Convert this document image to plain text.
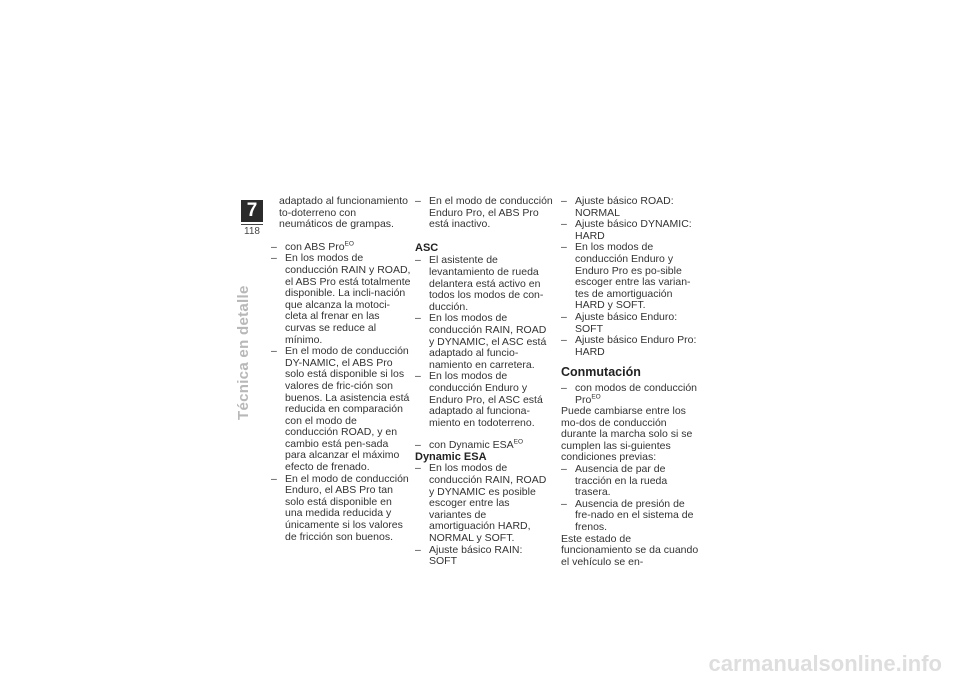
7
118
Técnica en detalle

adaptado al funcionamiento to-doterreno con neumáticos de grampas.

– con ABS Pro$^{EO}$

– En los modos de conducción RAIN y ROAD, el ABS Pro está totalmente disponible. La incli-nación que alcanza la motoci-cleta al frenar en las curvas se reduce al mínimo.

– En el modo de conducción DY-NAMIC, el ABS Pro solo está disponible si los valores de fric-ción son buenos. La asistencia está reducida en comparación con el modo de conducción ROAD, y en cambio está pen-sada para alcanzar el máximo efecto de frenado.

– En el modo de conducción Enduro, el ABS Pro tan solo está disponible en una medida reducida y únicamente si los valores de fricción son buenos.

– En el modo de conducción Enduro Pro, el ABS Pro está inactivo.

ASC

– El asistente de levantamiento de rueda delantera está activo en todos los modos de con-ducción.

– En los modos de conducción RAIN, ROAD y DYNAMIC, el ASC está adaptado al funcio-namiento en carretera.

– En los modos de conducción Enduro y Enduro Pro, el ASC está adaptado al funciona-miento en todoterreno.

– con Dynamic $ESA^{EO}$

Dynamic ESA

– En los modos de conducción RAIN, ROAD y DYNAMIC es posible escoger entre las variantes de amortiguación HARD, NORMAL y SOFT.

– Ajuste básico RAIN: SOFT

– Ajuste básico ROAD: NORMAL

– Ajuste básico DYNAMIC: HARD

– En los modos de conducción Enduro y Enduro Pro es po-sible escoger entre las varian-tes de amortiguación HARD y SOFT.

– Ajuste básico Enduro: SOFT

– Ajuste básico Enduro Pro: HARD

Conmutación

– con modos de conducción Pro$^{EO}$

Puede cambiarse entre los mo-dos de conducción durante la marcha solo si se cumplen las si-guientes condiciones previas:

– Ausencia de par de tracción en la rueda trasera.

– Ausencia de presión de fre-nado en el sistema de frenos.

Este estado de funcionamiento se da cuando el vehículo se en-

carmanualsonline.info
